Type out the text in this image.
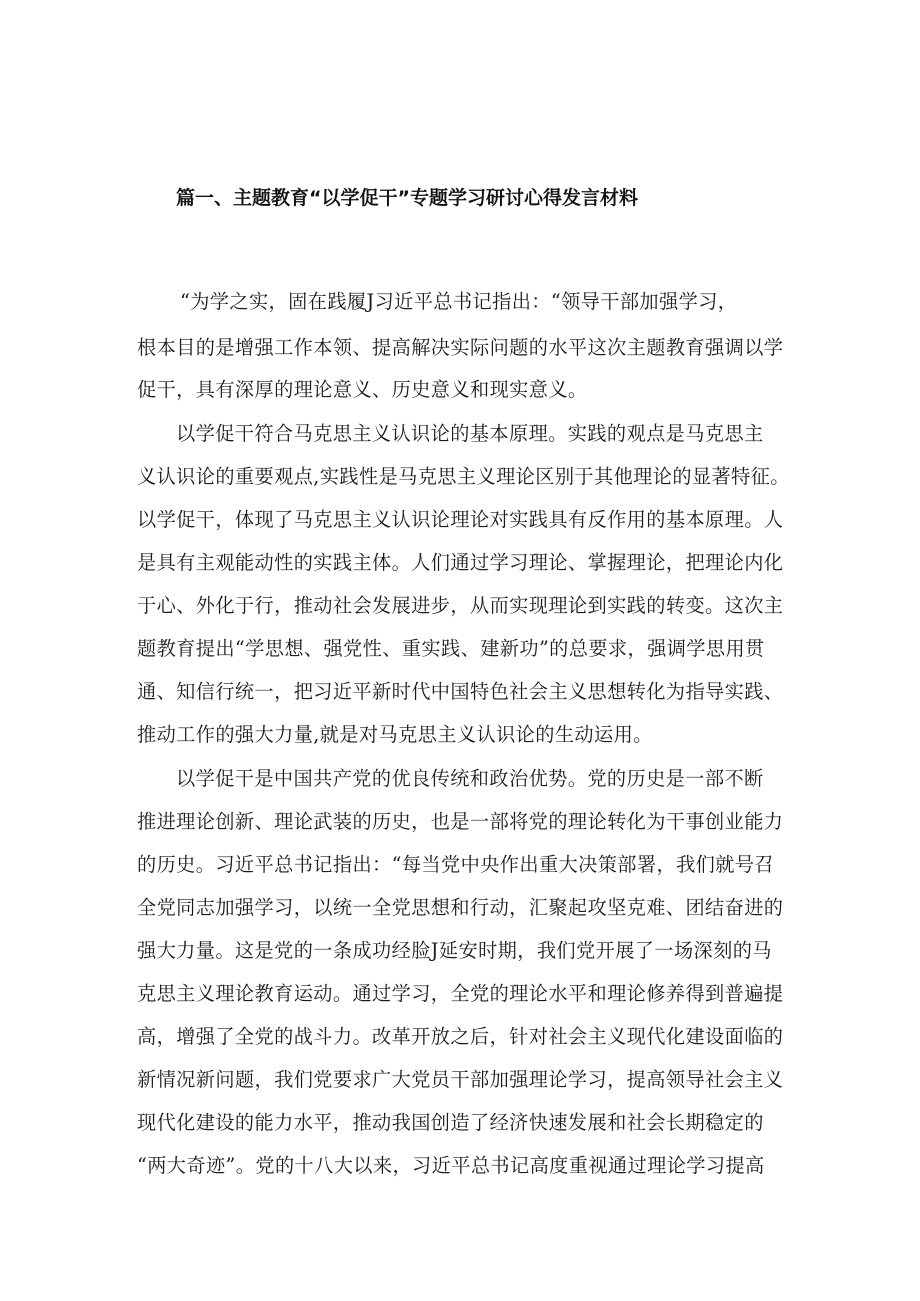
篇一、主题教育“以学促干”专题学习研讨心得发言材料
“为学之实，固在践履J习近平总书记指出：“领导干部加强学习，
根本目的是增强工作本领、提高解决实际问题的水平这次主题教育强调以学
促干，具有深厚的理论意义、历史意义和现实意义。
以学促干符合马克思主义认识论的基本原理。实践的观点是马克思主
义认识论的重要观点,实践性是马克思主义理论区别于其他理论的显著特征。
以学促干，体现了马克思主义认识论理论对实践具有反作用的基本原理。人
是具有主观能动性的实践主体。人们通过学习理论、掌握理论，把理论内化
于心、外化于行，推动社会发展进步，从而实现理论到实践的转变。这次主
题教育提出“学思想、强党性、重实践、建新功”的总要求，强调学思用贯
通、知信行统一，把习近平新时代中国特色社会主义思想转化为指导实践、
推动工作的强大力量,就是对马克思主义认识论的生动运用。
以学促干是中国共产党的优良传统和政治优势。党的历史是一部不断
推进理论创新、理论武装的历史，也是一部将党的理论转化为干事创业能力
的历史。习近平总书记指出：“每当党中央作出重大决策部署，我们就号召
全党同志加强学习，以统一全党思想和行动，汇聚起攻坚克难、团结奋进的
强大力量。这是党的一条成功经脸J延安时期，我们党开展了一场深刻的马
克思主义理论教育运动。通过学习，全党的理论水平和理论修养得到普遍提
高，增强了全党的战斗力。改革开放之后，针对社会主义现代化建设面临的
新情况新问题，我们党要求广大党员干部加强理论学习，提高领导社会主义
现代化建设的能力水平，推动我国创造了经济快速发展和社会长期稳定的
“两大奇迹”。党的十八大以来，习近平总书记高度重视通过理论学习提高
